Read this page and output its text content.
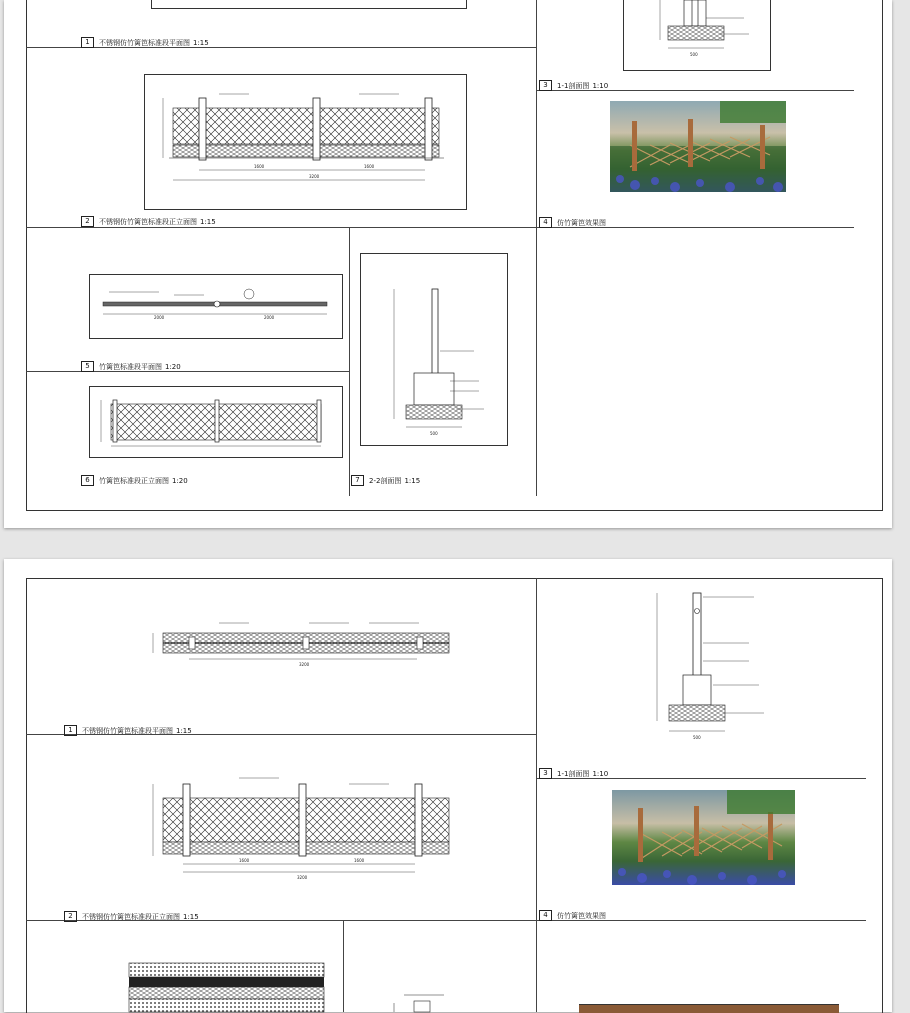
1	不锈钢仿竹篱笆标准段平面图 1:15
1600	1600
3200
2	不锈钢仿竹篱笆标准段正立面图 1:15
2000	2000
5	竹篱笆标准段平面图 1:20
6	竹篱笆标准段正立面图 1:20
500
7	2-2剖面图 1:15
500
3	1-1剖面图 1:10
4	仿竹篱笆效果图
3200
1	不锈钢仿竹篱笆标准段平面图 1:15
1600	1600
3200
2	不锈钢仿竹篱笆标准段正立面图 1:15
500
3	1-1剖面图 1:10
4	仿竹篱笆效果图
